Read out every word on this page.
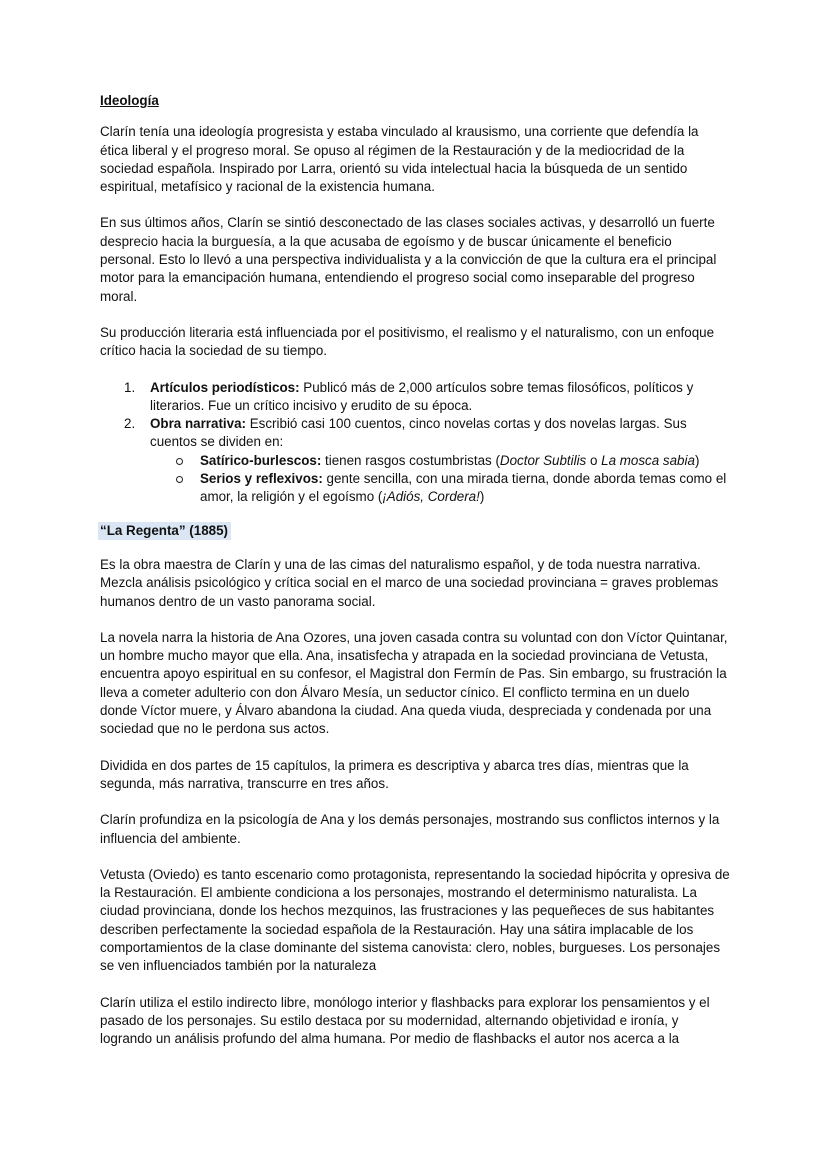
Ideología

Clarín tenía una ideología progresista y estaba vinculado al krausismo, una corriente que defendía la ética liberal y el progreso moral. Se opuso al régimen de la Restauración y de la mediocridad de la sociedad española. Inspirado por Larra, orientó su vida intelectual hacia la búsqueda de un sentido espiritual, metafísico y racional de la existencia humana.

En sus últimos años, Clarín se sintió desconectado de las clases sociales activas, y desarrolló un fuerte desprecio hacia la burguesía, a la que acusaba de egoísmo y de buscar únicamente el beneficio personal. Esto lo llevó a una perspectiva individualista y a la convicción de que la cultura era el principal motor para la emancipación humana, entendiendo el progreso social como inseparable del progreso moral.

Su producción literaria está influenciada por el positivismo, el realismo y el naturalismo, con un enfoque crítico hacia la sociedad de su tiempo.

1. Artículos periodísticos: Publicó más de 2,000 artículos sobre temas filosóficos, políticos y literarios. Fue un crítico incisivo y erudito de su época.
2. Obra narrativa: Escribió casi 100 cuentos, cinco novelas cortas y dos novelas largas. Sus cuentos se dividen en:
Satírico-burlescos: tienen rasgos costumbristas (Doctor Subtilis o La mosca sabia)
Serios y reflexivos: gente sencilla, con una mirada tierna, donde aborda temas como el amor, la religión y el egoísmo (¡Adiós, Cordera!)
“La Regenta” (1885)

Es la obra maestra de Clarín y una de las cimas del naturalismo español, y de toda nuestra narrativa. Mezcla análisis psicológico y crítica social en el marco de una sociedad provinciana = graves problemas humanos dentro de un vasto panorama social.

La novela narra la historia de Ana Ozores, una joven casada contra su voluntad con don Víctor Quintanar, un hombre mucho mayor que ella. Ana, insatisfecha y atrapada en la sociedad provinciana de Vetusta, encuentra apoyo espiritual en su confesor, el Magistral don Fermín de Pas. Sin embargo, su frustración la lleva a cometer adulterio con don Álvaro Mesía, un seductor cínico. El conflicto termina en un duelo donde Víctor muere, y Álvaro abandona la ciudad. Ana queda viuda, despreciada y condenada por una sociedad que no le perdona sus actos.

Dividida en dos partes de 15 capítulos, la primera es descriptiva y abarca tres días, mientras que la segunda, más narrativa, transcurre en tres años.

Clarín profundiza en la psicología de Ana y los demás personajes, mostrando sus conflictos internos y la influencia del ambiente.

Vetusta (Oviedo) es tanto escenario como protagonista, representando la sociedad hipócrita y opresiva de la Restauración. El ambiente condiciona a los personajes, mostrando el determinismo naturalista. La ciudad provinciana, donde los hechos mezquinos, las frustraciones y las pequeñeces de sus habitantes describen perfectamente la sociedad española de la Restauración. Hay una sátira implacable de los comportamientos de la clase dominante del sistema canovista: clero, nobles, burgueses. Los personajes se ven influenciados también por la naturaleza

Clarín utiliza el estilo indirecto libre, monólogo interior y flashbacks para explorar los pensamientos y el pasado de los personajes. Su estilo destaca por su modernidad, alternando objetividad e ironía, y logrando un análisis profundo del alma humana. Por medio de flashbacks el autor nos acerca a la
